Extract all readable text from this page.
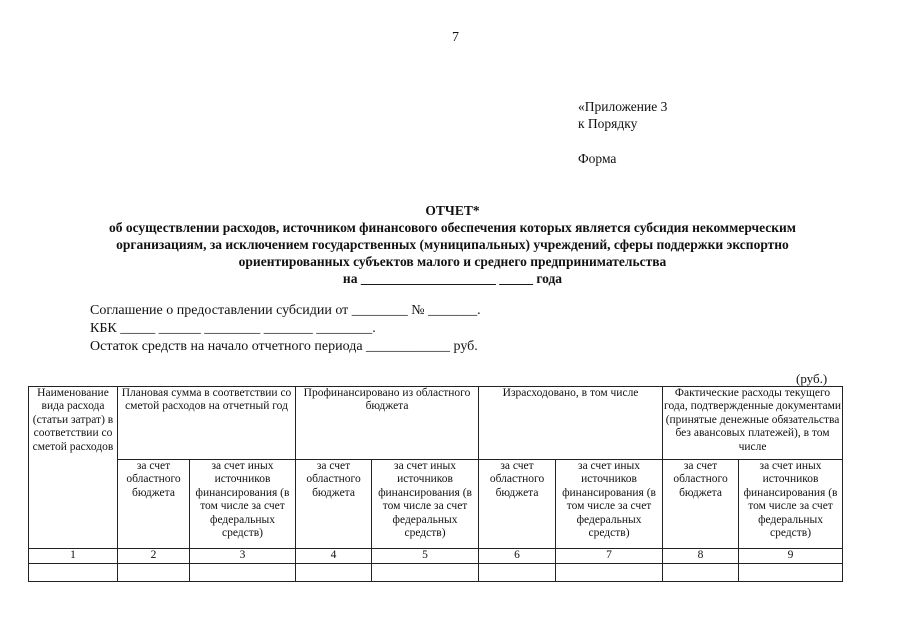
7
«Приложение 3
к Порядку
Форма
ОТЧЕТ*
об осуществлении расходов, источником финансового обеспечения которых является субсидия некоммерческим
организациям, за исключением государственных (муниципальных) учреждений, сферы поддержки экспортно
ориентированных субъектов малого и среднего предпринимательства
на ____________________ _____ года
Соглашение о предоставлении субсидии от ________ № _______.
КБК _____ ______ ________ _______ ________.
Остаток средств на начало отчетного периода ____________ руб.
(руб.)
Наименование вида расхода (статьи затрат) в соответствии со сметой расходов	Плановая сумма в соответствии со сметой расходов на отчетный год		Профинансировано из областного бюджета		Израсходовано, в том числе		Фактические расходы текущего года, подтвержденные документами (принятые денежные обязательства без авансовых платежей), в том числе	
	за счет областного бюджета	за счет иных источников финансирования (в том числе за счет федеральных средств)	за счет областного бюджета	за счет иных источников финансирования (в том числе за счет федеральных средств)	за счет областного бюджета	за счет иных источников финансирования (в том числе за счет федеральных средств)	за счет областного бюджета	за счет иных источников финансирования (в том числе за счет федеральных средств)
1	2	3	4	5	6	7	8	9
